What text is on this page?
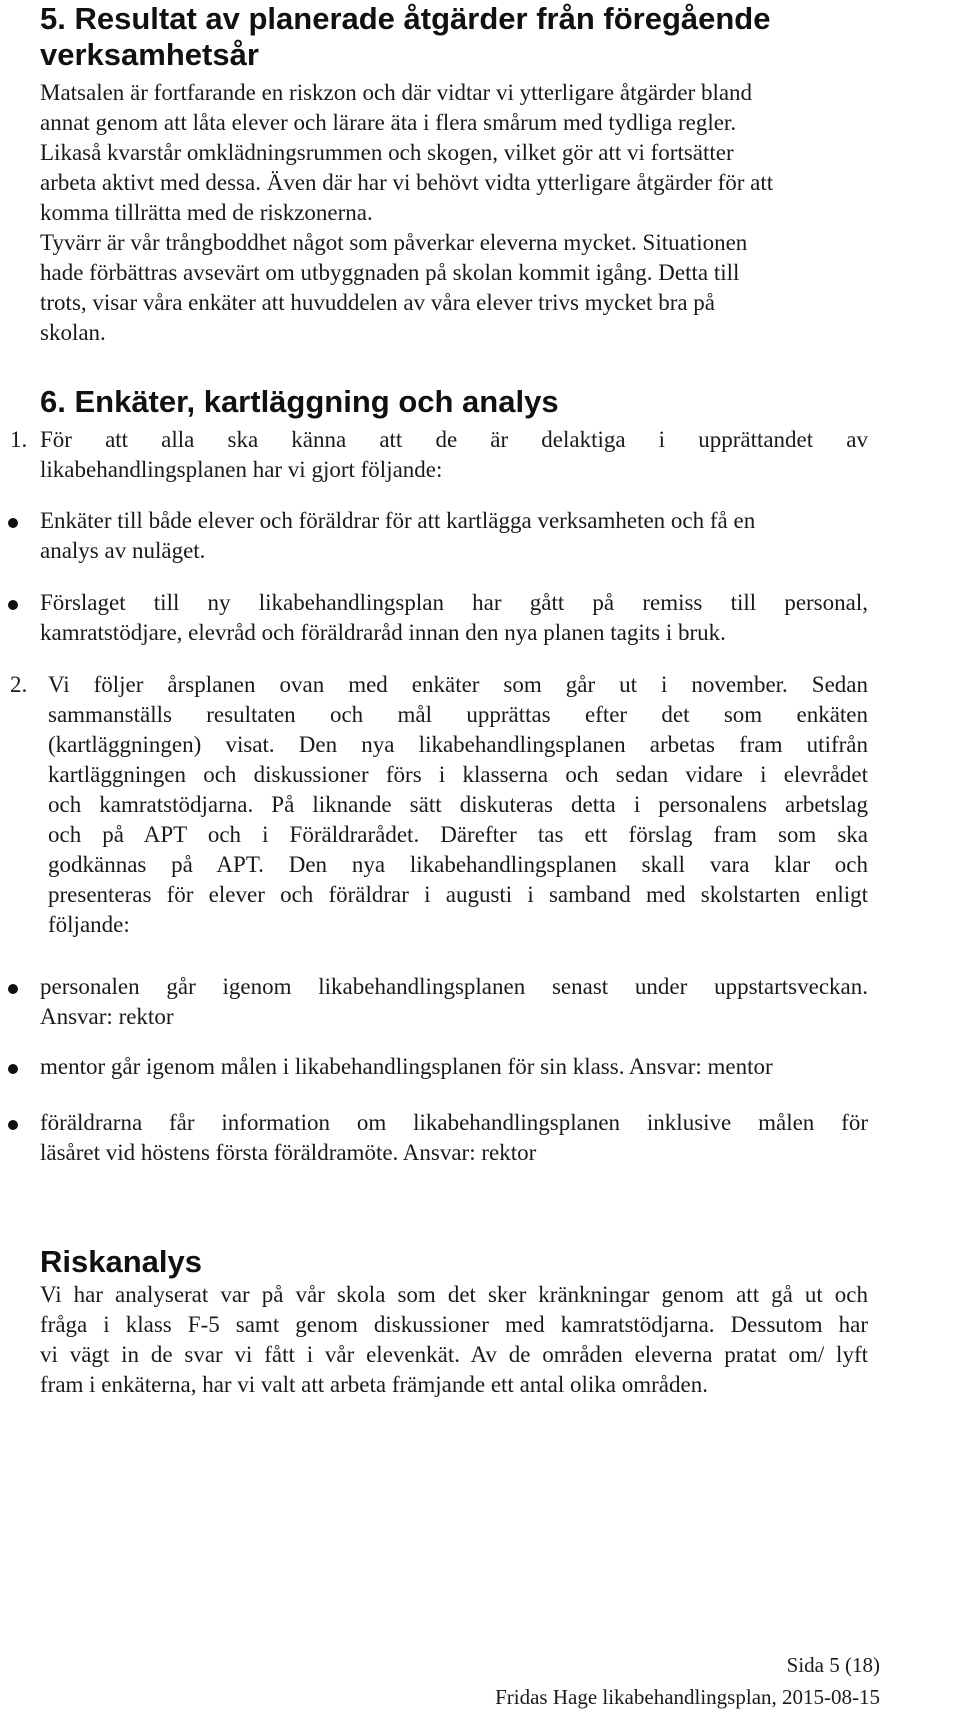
5. Resultat av planerade åtgärder från föregående
verksamhetsår
Matsalen är fortfarande en riskzon och där vidtar vi ytterligare åtgärder bland
annat genom att låta elever och lärare äta i flera smårum med tydliga regler.
Likaså kvarstår omklädningsrummen och skogen, vilket gör att vi fortsätter
arbeta aktivt med dessa. Även där har vi behövt vidta ytterligare åtgärder för att
komma tillrätta med de riskzonerna.
Tyvärr är vår trångboddhet något som påverkar eleverna mycket. Situationen
hade förbättras avsevärt om utbyggnaden på skolan kommit igång. Detta till
trots, visar våra enkäter att huvuddelen av våra elever trivs mycket bra på
skolan.
6. Enkäter, kartläggning och analys
1. För att alla ska känna att de är delaktiga i upprättandet av
likabehandlingsplanen har vi gjort följande:
Enkäter till både elever och föräldrar för att kartlägga verksamheten och få en
analys av nuläget.
Förslaget till ny likabehandlingsplan har gått på remiss till personal,
kamratstödjare, elevråd och föräldraråd innan den nya planen tagits i bruk.
2. Vi följer årsplanen ovan med enkäter som går ut i november. Sedan
sammanställs resultaten och mål upprättas efter det som enkäten
(kartläggningen) visat. Den nya likabehandlingsplanen arbetas fram utifrån
kartläggningen och diskussioner förs i klasserna och sedan vidare i elevrådet
och kamratstödjarna. På liknande sätt diskuteras detta i personalens arbetslag
och på APT och i Föräldrarådet. Därefter tas ett förslag fram som ska
godkännas på APT. Den nya likabehandlingsplanen skall vara klar och
presenteras för elever och föräldrar i augusti i samband med skolstarten enligt
följande:
personalen går igenom likabehandlingsplanen senast under uppstartsveckan.
Ansvar: rektor
mentor går igenom målen i likabehandlingsplanen för sin klass. Ansvar: mentor
föräldrarna får information om likabehandlingsplanen inklusive målen för
läsåret vid höstens första föräldramöte. Ansvar: rektor
Riskanalys
Vi har analyserat var på vår skola som det sker kränkningar genom att gå ut och
fråga i klass F-5 samt genom diskussioner med kamratstödjarna. Dessutom har
vi vägt in de svar vi fått i vår elevenkät. Av de områden eleverna pratat om/ lyft
fram i enkäterna, har vi valt att arbeta främjande ett antal olika områden.
Sida 5 (18)
Fridas Hage likabehandlingsplan, 2015-08-15
